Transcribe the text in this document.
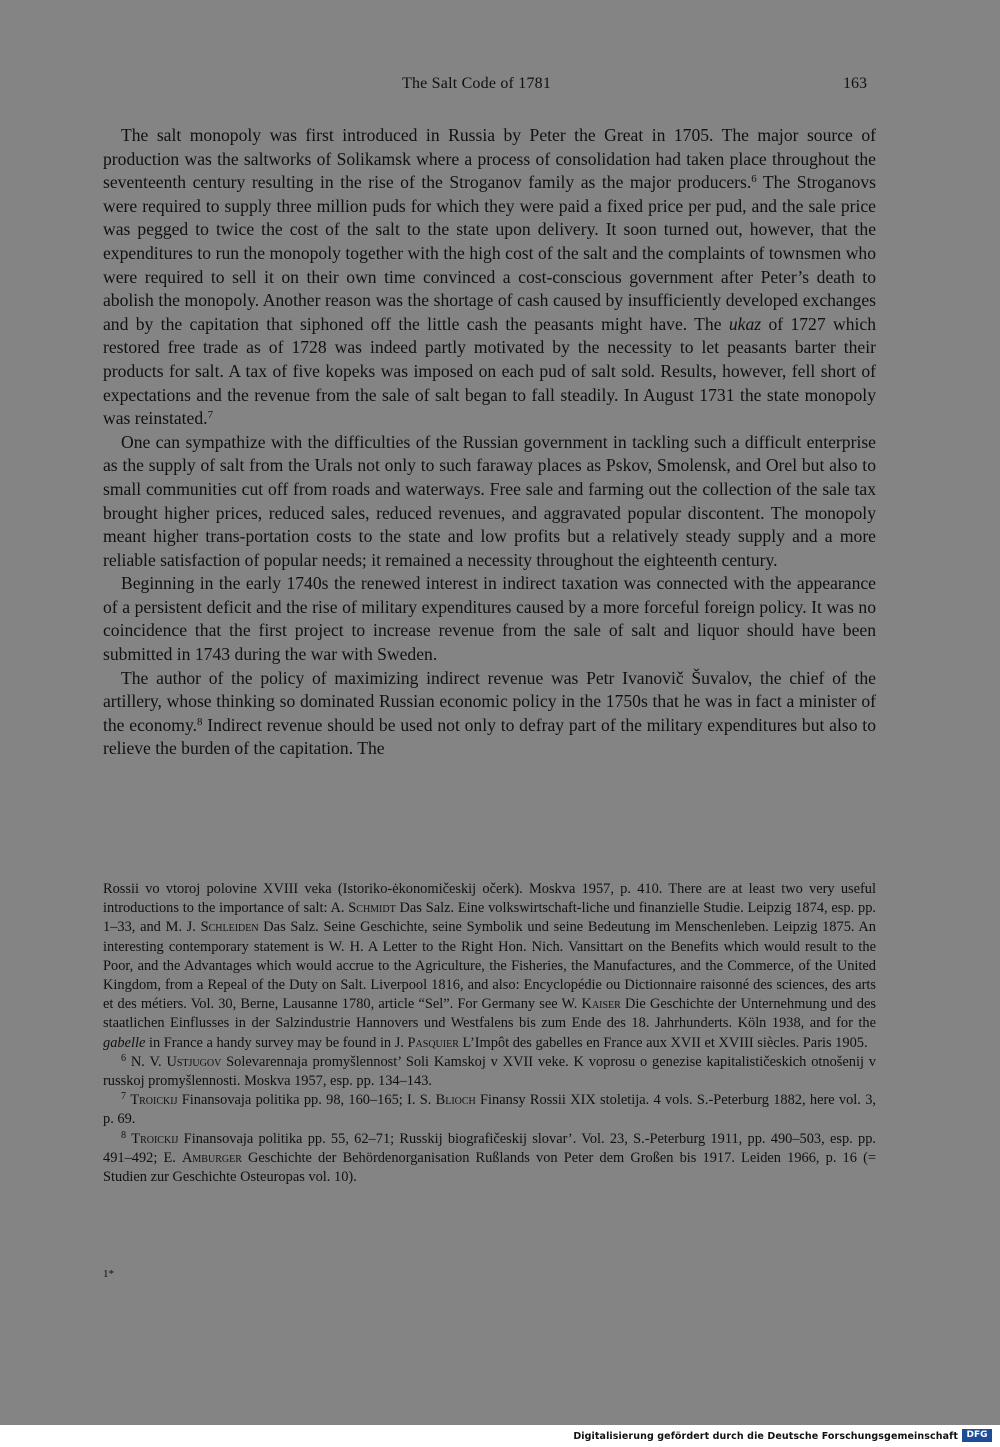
The Salt Code of 1781	163

The salt monopoly was first introduced in Russia by Peter the Great in 1705. The major source of production was the saltworks of Solikamsk where a process of consolidation had taken place throughout the seventeenth century resulting in the rise of the Stroganov family as the major producers.$^6$ The Stroganovs were required to supply three million puds for which they were paid a fixed price per pud, and the sale price was pegged to twice the cost of the salt to the state upon delivery. It soon turned out, however, that the expenditures to run the monopoly together with the high cost of the salt and the complaints of townsmen who were required to sell it on their own time convinced a cost-conscious government after Peter’s death to abolish the monopoly. Another reason was the shortage of cash caused by insufficiently developed exchanges and by the capitation that siphoned off the little cash the peasants might have. The ukaz of 1727 which restored free trade as of 1728 was indeed partly motivated by the necessity to let peasants barter their products for salt. A tax of five kopeks was imposed on each pud of salt sold. Results, however, fell short of expectations and the revenue from the sale of salt began to fall steadily. In August 1731 the state monopoly was reinstated.$^7$

One can sympathize with the difficulties of the Russian government in tackling such a difficult enterprise as the supply of salt from the Urals not only to such faraway places as Pskov, Smolensk, and Orel but also to small communities cut off from roads and waterways. Free sale and farming out the collection of the sale tax brought higher prices, reduced sales, reduced revenues, and aggravated popular discontent. The monopoly meant higher trans-portation costs to the state and low profits but a relatively steady supply and a more reliable satisfaction of popular needs; it remained a necessity throughout the eighteenth century.

Beginning in the early 1740s the renewed interest in indirect taxation was connected with the appearance of a persistent deficit and the rise of military expenditures caused by a more forceful foreign policy. It was no coincidence that the first project to increase revenue from the sale of salt and liquor should have been submitted in 1743 during the war with Sweden.

The author of the policy of maximizing indirect revenue was Petr Ivanovič Šuvalov, the chief of the artillery, whose thinking so dominated Russian economic policy in the 1750s that he was in fact a minister of the economy.$^8$ Indirect revenue should be used not only to defray part of the military expenditures but also to relieve the burden of the capitation. The

Rossii vo vtoroj polovine XVIII veka (Istoriko-ėkonomičeskij očerk). Moskva 1957, p. 410. There are at least two very useful introductions to the importance of salt: A. Schmidt Das Salz. Eine volkswirtschaft-liche und finanzielle Studie. Leipzig 1874, esp. pp. 1–33, and M. J. Schleiden Das Salz. Seine Geschichte, seine Symbolik und seine Bedeutung im Menschenleben. Leipzig 1875. An interesting contemporary statement is W. H. A Letter to the Right Hon. Nich. Vansittart on the Benefits which would result to the Poor, and the Advantages which would accrue to the Agriculture, the Fisheries, the Manufactures, and the Commerce, of the United Kingdom, from a Repeal of the Duty on Salt. Liverpool 1816, and also: Encyclopédie ou Dictionnaire raisonné des sciences, des arts et des métiers. Vol. 30, Berne, Lausanne 1780, article “Sel”. For Germany see W. Kaiser Die Geschichte der Unternehmung und des staatlichen Einflusses in der Salzindustrie Hannovers und Westfalens bis zum Ende des 18. Jahrhunderts. Köln 1938, and for the gabelle in France a handy survey may be found in J. Pasquier L’Impôt des gabelles en France aux XVII et XVIII siècles. Paris 1905.

$^6$ N. V. Ustjugov Solevarennaja promyšlennost’ Soli Kamskoj v XVII veke. K voprosu o genezise kapitalističeskich otnošenij v russkoj promyšlennosti. Moskva 1957, esp. pp. 134–143.

$^7$ Troickij Finansovaja politika pp. 98, 160–165; I. S. Bliocн Finansy Rossii XIX stoletija. 4 vols. S.-Peterburg 1882, here vol. 3, p. 69.

$^8$ Troickij Finansovaja politika pp. 55, 62–71; Russkij biografičeskij slovar’. Vol. 23, S.-Peterburg 1911, pp. 490–503, esp. pp. 491–492; E. Amburger Geschichte der Behördenorganisation Rußlands von Peter dem Großen bis 1917. Leiden 1966, p. 16 (= Studien zur Geschichte Osteuropas vol. 10).

1*
Digitalisierung gefördert durch die Deutsche Forschungsgemeinschaft DFG
